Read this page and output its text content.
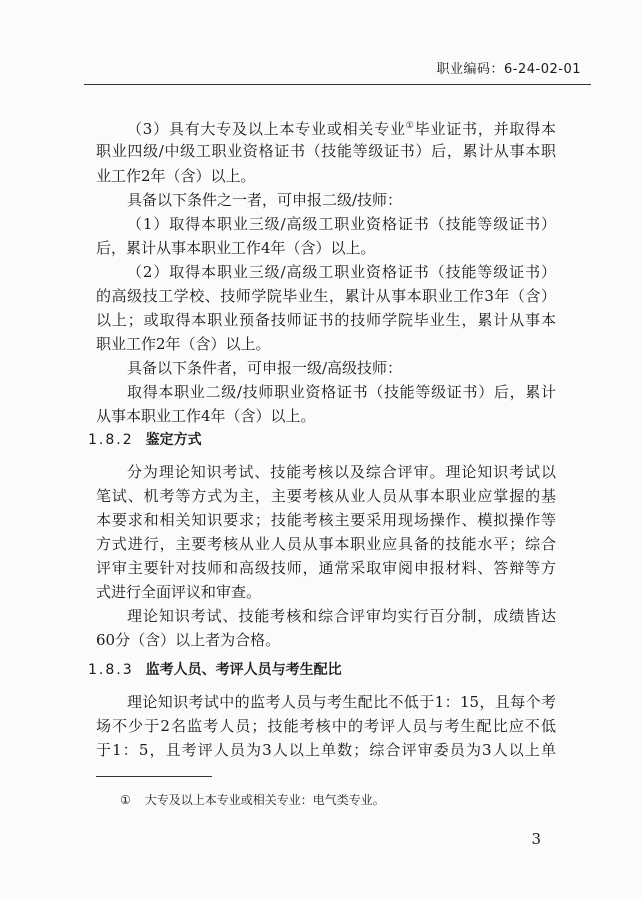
职业编码：6-24-02-01
（3）具有大专及以上本专业或相关专业①毕业证书，并取得本
职业四级/中级工职业资格证书（技能等级证书）后，累计从事本职
业工作2年（含）以上。
具备以下条件之一者，可申报二级/技师：
（1）取得本职业三级/高级工职业资格证书（技能等级证书）
后，累计从事本职业工作4年（含）以上。
（2）取得本职业三级/高级工职业资格证书（技能等级证书）
的高级技工学校、技师学院毕业生，累计从事本职业工作3年（含）
以上；或取得本职业预备技师证书的技师学院毕业生，累计从事本
职业工作2年（含）以上。
具备以下条件者，可申报一级/高级技师：
取得本职业二级/技师职业资格证书（技能等级证书）后，累计
从事本职业工作4年（含）以上。
1.8.2 鉴定方式
分为理论知识考试、技能考核以及综合评审。理论知识考试以
笔试、机考等方式为主，主要考核从业人员从事本职业应掌握的基
本要求和相关知识要求；技能考核主要采用现场操作、模拟操作等
方式进行，主要考核从业人员从事本职业应具备的技能水平；综合
评审主要针对技师和高级技师，通常采取审阅申报材料、答辩等方
式进行全面评议和审查。
理论知识考试、技能考核和综合评审均实行百分制，成绩皆达
60分（含）以上者为合格。
1.8.3 监考人员、考评人员与考生配比
理论知识考试中的监考人员与考生配比不低于1：15，且每个考
场不少于2名监考人员；技能考核中的考评人员与考生配比应不低
于1：5，且考评人员为3人以上单数；综合评审委员为3人以上单
① 大专及以上本专业或相关专业：电气类专业。
3
